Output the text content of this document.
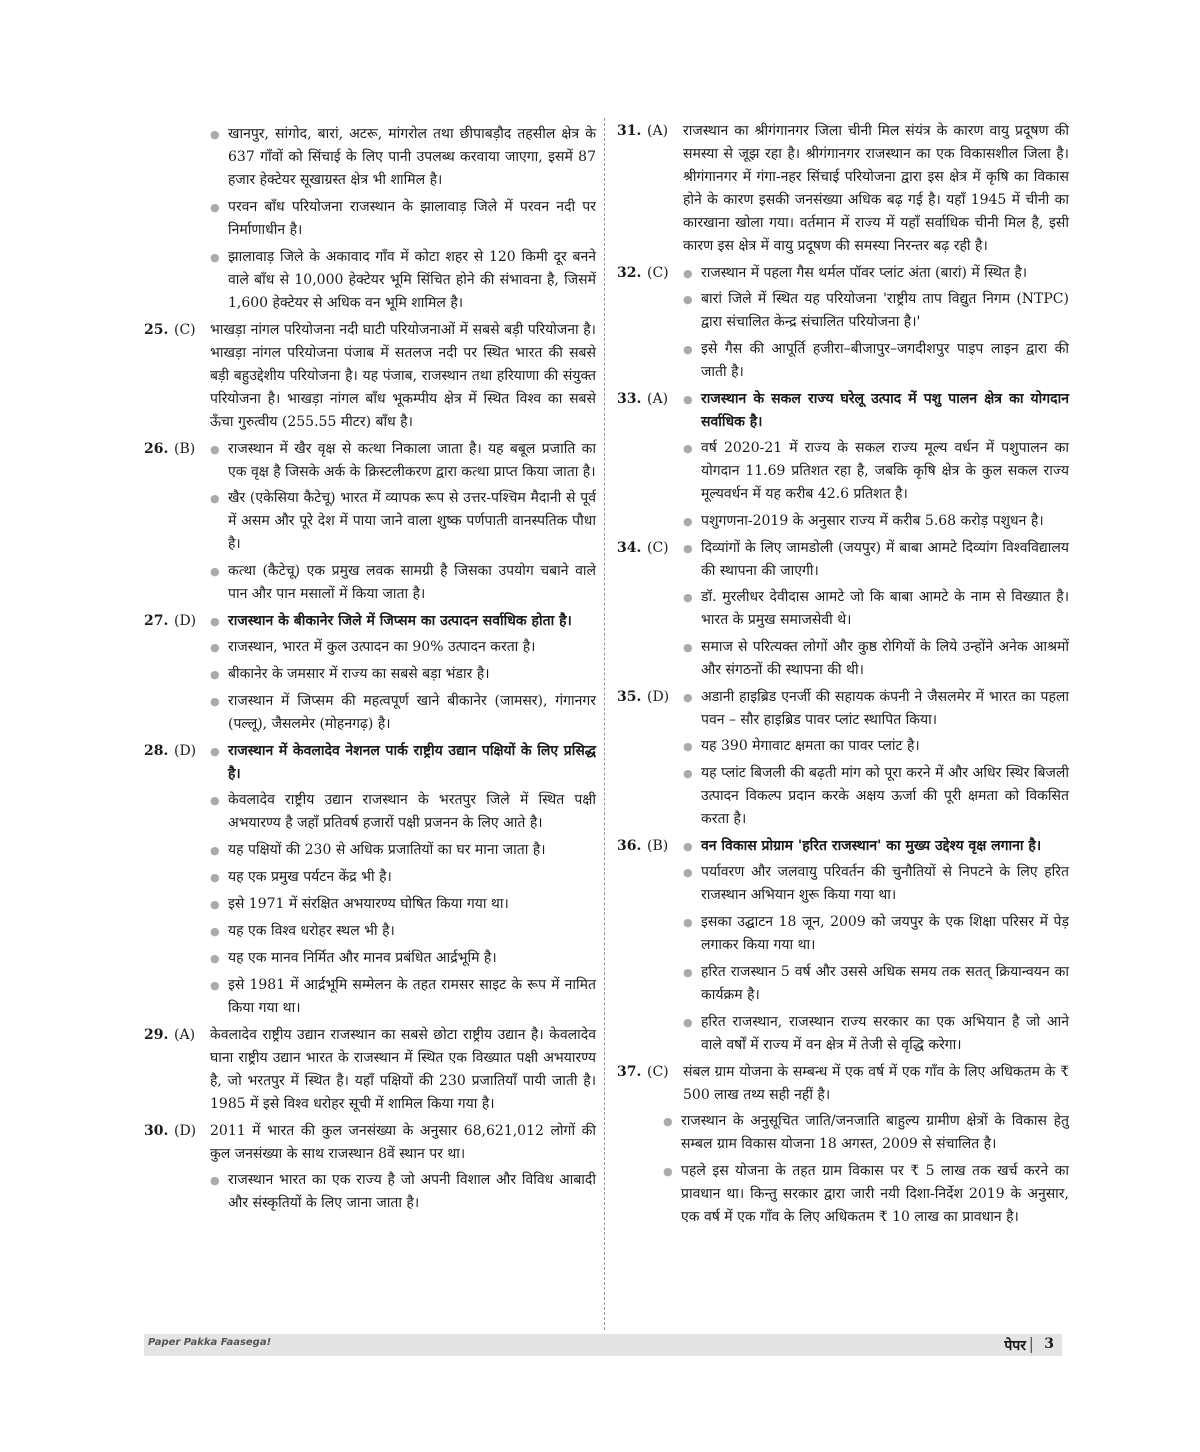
● खानपुर, सांगोद, बारां, अटरू, मांगरोल तथा छीपाबड़ौद तहसील क्षेत्र के 637 गाँवों को सिंचाई के लिए पानी उपलब्ध करवाया जाएगा, इसमें 87 हजार हेक्टेयर सूखाग्रस्त क्षेत्र भी शामिल है।
● परवन बाँध परियोजना राजस्थान के झालावाड़ जिले में परवन नदी पर निर्माणाधीन है।
● झालावाड़ जिले के अकावाद गाँव में कोटा शहर से 120 किमी दूर बनने वाले बाँध से 10,000 हेक्टेयर भूमि सिंचित होने की संभावना है, जिसमें 1,600 हेक्टेयर से अधिक वन भूमि शामिल है।
25. (C) भाखड़ा नांगल परियोजना नदी घाटी परियोजनाओं में सबसे बड़ी परियोजना है। भाखड़ा नांगल परियोजना पंजाब में सतलज नदी पर स्थित भारत की सबसे बड़ी बहुउद्देशीय परियोजना है। यह पंजाब, राजस्थान तथा हरियाणा की संयुक्त परियोजना है। भाखड़ा नांगल बाँध भूकम्पीय क्षेत्र में स्थित विश्व का सबसे ऊँचा गुरुत्वीय (255.55 मीटर) बाँध है।
26. (B)	● राजस्थान में खैर वृक्ष से कत्था निकाला जाता है। यह बबूल प्रजाति का एक वृक्ष है जिसके अर्क के क्रिस्टलीकरण द्वारा कत्था प्राप्त किया जाता है।
● खैर (एकेसिया कैटेचू) भारत में व्यापक रूप से उत्तर-पश्चिम मैदानी से पूर्व में असम और पूरे देश में पाया जाने वाला शुष्क पर्णपाती वानस्पतिक पौधा है।
● कत्था (कैटेचू) एक प्रमुख लवक सामग्री है जिसका उपयोग चबाने वाले पान और पान मसालों में किया जाता है।
27. (D)	● राजस्थान के बीकानेर जिले में जिप्सम का उत्पादन सर्वाधिक होता है।
● राजस्थान, भारत में कुल उत्पादन का 90% उत्पादन करता है।
● बीकानेर के जमसार में राज्य का सबसे बड़ा भंडार है।
● राजस्थान में जिप्सम की महत्वपूर्ण खाने बीकानेर (जामसर), गंगानगर (पल्लू), जैसलमेर (मोहनगढ़) है।
28. (D)	● राजस्थान में केवलादेव नेशनल पार्क राष्ट्रीय उद्यान पक्षियों के लिए प्रसिद्ध है।
● केवलादेव राष्ट्रीय उद्यान राजस्थान के भरतपुर जिले में स्थित पक्षी अभयारण्य है जहाँ प्रतिवर्ष हजारों पक्षी प्रजनन के लिए आते है।
● यह पक्षियों की 230 से अधिक प्रजातियों का घर माना जाता है।
● यह एक प्रमुख पर्यटन केंद्र भी है।
● इसे 1971 में संरक्षित अभयारण्य घोषित किया गया था।
● यह एक विश्व धरोहर स्थल भी है।
● यह एक मानव निर्मित और मानव प्रबंधित आर्द्रभूमि है।
● इसे 1981 में आर्द्रभूमि सम्मेलन के तहत रामसर साइट के रूप में नामित किया गया था।
29. (A) केवलादेव राष्ट्रीय उद्यान राजस्थान का सबसे छोटा राष्ट्रीय उद्यान है। केवलादेव घाना राष्ट्रीय उद्यान भारत के राजस्थान में स्थित एक विख्यात पक्षी अभयारण्य है, जो भरतपुर में स्थित है। यहाँ पक्षियों की 230 प्रजातियाँ पायी जाती है। 1985 में इसे विश्व धरोहर सूची में शामिल किया गया है।
30. (D) 2011 में भारत की कुल जनसंख्या के अनुसार 68,621,012 लोगों की कुल जनसंख्या के साथ राजस्थान 8वें स्थान पर था।
● राजस्थान भारत का एक राज्य है जो अपनी विशाल और विविध आबादी और संस्कृतियों के लिए जाना जाता है।
31. (A) राजस्थान का श्रीगंगानगर जिला चीनी मिल संयंत्र के कारण वायु प्रदूषण की समस्या से जूझ रहा है। श्रीगंगानगर राजस्थान का एक विकासशील जिला है। श्रीगंगानगर में गंगा-नहर सिंचाई परियोजना द्वारा इस क्षेत्र में कृषि का विकास होने के कारण इसकी जनसंख्या अधिक बढ़ गई है। यहाँ 1945 में चीनी का कारखाना खोला गया। वर्तमान में राज्य में यहाँ सर्वाधिक चीनी मिल है, इसी कारण इस क्षेत्र में वायु प्रदूषण की समस्या निरन्तर बढ़ रही है।
32. (C)	● राजस्थान में पहला गैस थर्मल पॉवर प्लांट अंता (बारां) में स्थित है।
● बारां जिले में स्थित यह परियोजना 'राष्ट्रीय ताप विद्युत निगम (NTPC) द्वारा संचालित केन्द्र संचालित परियोजना है।'
● इसे गैस की आपूर्ति हजीरा–बीजापुर–जगदीशपुर पाइप लाइन द्वारा की जाती है।
33. (A)	● राजस्थान के सकल राज्य घरेलू उत्पाद में पशु पालन क्षेत्र का योगदान सर्वाधिक है।
● वर्ष 2020-21 में राज्य के सकल राज्य मूल्य वर्धन में पशुपालन का योगदान 11.69 प्रतिशत रहा है, जबकि कृषि क्षेत्र के कुल सकल राज्य मूल्यवर्धन में यह करीब 42.6 प्रतिशत है।
● पशुगणना-2019 के अनुसार राज्य में करीब 5.68 करोड़ पशुधन है।
34. (C)	● दिव्यांगों के लिए जामडोली (जयपुर) में बाबा आमटे दिव्यांग विश्वविद्यालय की स्थापना की जाएगी।
● डॉ. मुरलीधर देवीदास आमटे जो कि बाबा आमटे के नाम से विख्यात है। भारत के प्रमुख समाजसेवी थे।
● समाज से परित्यक्त लोगों और कुष्ठ रोगियों के लिये उन्होंने अनेक आश्रमों और संगठनों की स्थापना की थी।
35. (D)	● अडानी हाइब्रिड एनर्जी की सहायक कंपनी ने जैसलमेर में भारत का पहला पवन – सौर हाइब्रिड पावर प्लांट स्थापित किया।
● यह 390 मेगावाट क्षमता का पावर प्लांट है।
● यह प्लांट बिजली की बढ़ती मांग को पूरा करने में और अधिर स्थिर बिजली उत्पादन विकल्प प्रदान करके अक्षय ऊर्जा की पूरी क्षमता को विकसित करता है।
36. (B)	● वन विकास प्रोग्राम 'हरित राजस्थान' का मुख्य उद्देश्य वृक्ष लगाना है।
● पर्यावरण और जलवायु परिवर्तन की चुनौतियों से निपटने के लिए हरित राजस्थान अभियान शुरू किया गया था।
● इसका उद्घाटन 18 जून, 2009 को जयपुर के एक शिक्षा परिसर में पेड़ लगाकर किया गया था।
● हरित राजस्थान 5 वर्ष और उससे अधिक समय तक सतत् क्रियान्वयन का कार्यक्रम है।
● हरित राजस्थान, राजस्थान राज्य सरकार का एक अभियान है जो आने वाले वर्षों में राज्य में वन क्षेत्र में तेजी से वृद्धि करेगा।
37. (C) संबल ग्राम योजना के सम्बन्ध में एक वर्ष में एक गाँव के लिए अधिकतम के ₹ 500 लाख तथ्य सही नहीं है।
● राजस्थान के अनुसूचित जाति/जनजाति बाहुल्य ग्रामीण क्षेत्रों के विकास हेतु सम्बल ग्राम विकास योजना 18 अगस्त, 2009 से संचालित है।
● पहले इस योजना के तहत ग्राम विकास पर ₹ 5 लाख तक खर्च करने का प्रावधान था। किन्तु सरकार द्वारा जारी नयी दिशा-निर्देश 2019 के अनुसार, एक वर्ष में एक गाँव के लिए अधिकतम ₹ 10 लाख का प्रावधान है।
Paper Pakka Faasega!	पेपर | 3
